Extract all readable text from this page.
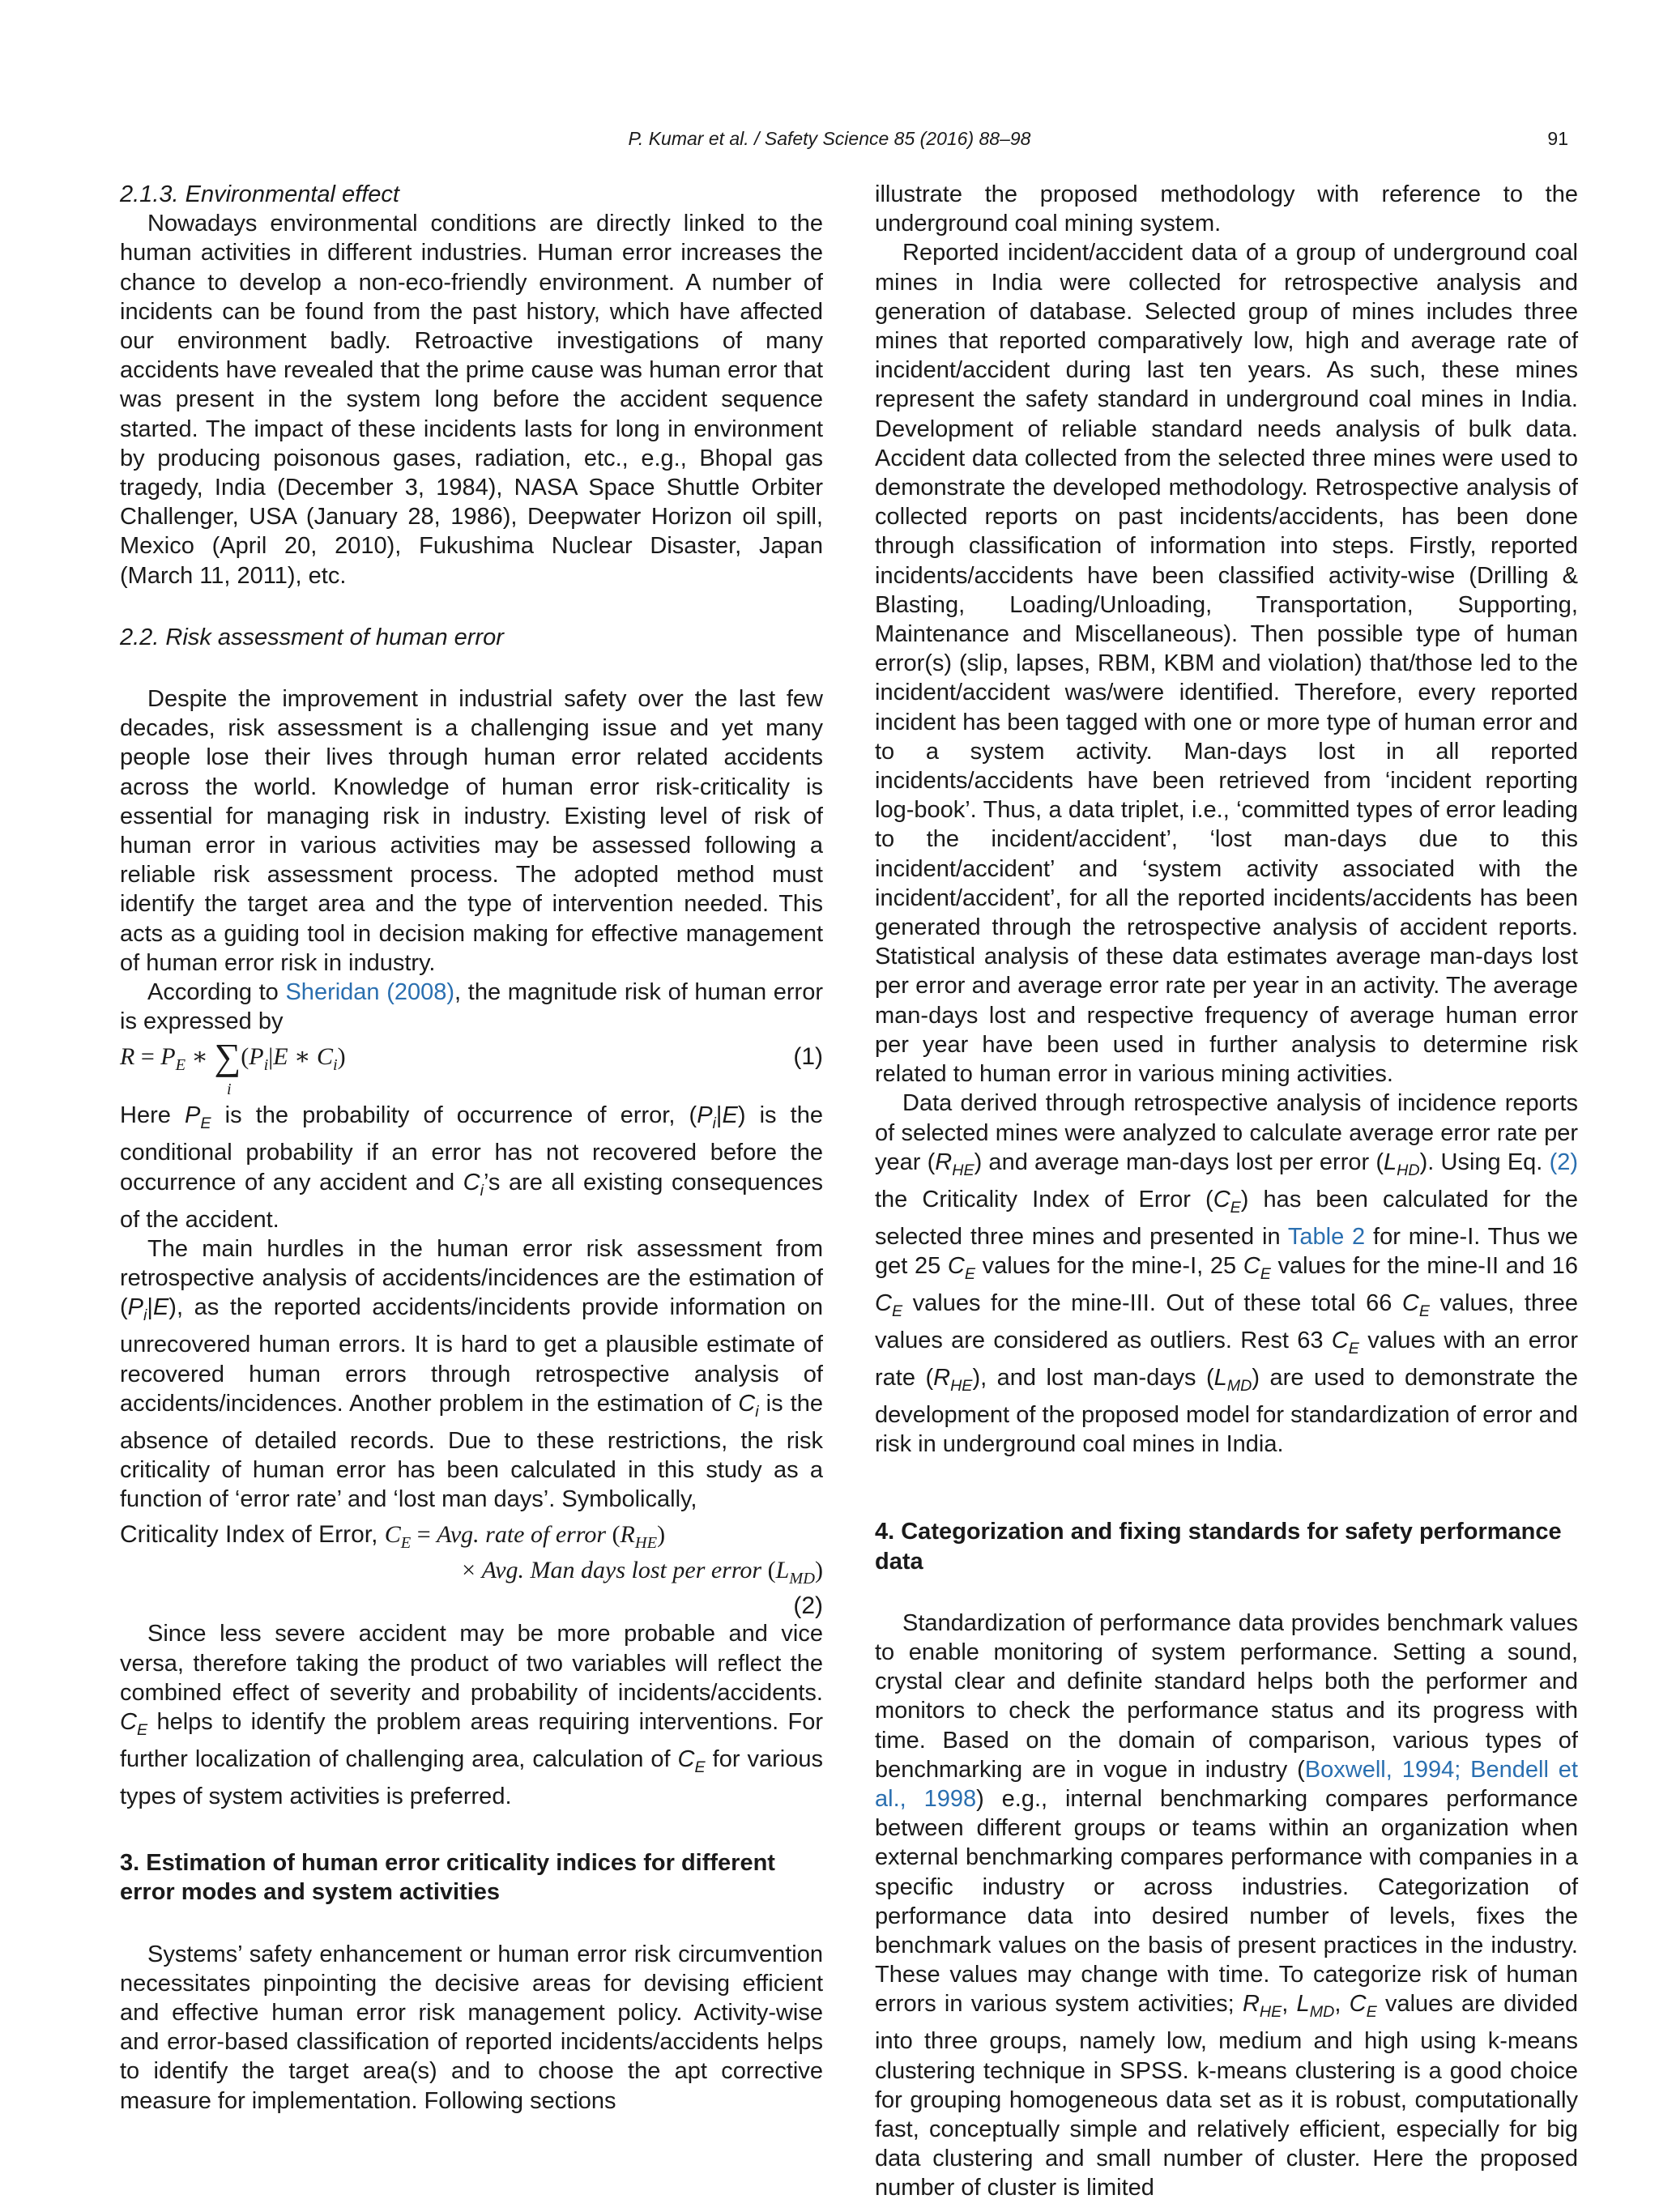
P. Kumar et al. / Safety Science 85 (2016) 88–98	91
2.1.3. Environmental effect

Nowadays environmental conditions are directly linked to the human activities in different industries. Human error increases the chance to develop a non-eco-friendly environment. A number of incidents can be found from the past history, which have affected our environment badly. Retroactive investigations of many accidents have revealed that the prime cause was human error that was present in the system long before the accident sequence started. The impact of these incidents lasts for long in environment by producing poisonous gases, radiation, etc., e.g., Bhopal gas tragedy, India (December 3, 1984), NASA Space Shuttle Orbiter Challenger, USA (January 28, 1986), Deepwater Horizon oil spill, Mexico (April 20, 2010), Fukushima Nuclear Disaster, Japan (March 11, 2011), etc.

2.2. Risk assessment of human error

Despite the improvement in industrial safety over the last few decades, risk assessment is a challenging issue and yet many people lose their lives through human error related accidents across the world. Knowledge of human error risk-criticality is essential for managing risk in industry. Existing level of risk of human error in various activities may be assessed following a reliable risk assessment process. The adopted method must identify the target area and the type of intervention needed. This acts as a guiding tool in decision making for effective management of human error risk in industry.

According to Sheridan (2008), the magnitude risk of human error is expressed by

$R = P_E$ ∗ $\sum(P_i|E$ ∗ $C_i$)
i
(1)

Here $P_E$ is the probability of occurrence of error, $(P_i|E)$ is the conditional probability if an error has not recovered before the occurrence of any accident and $C_i’s$ are all existing consequences of the accident.

The main hurdles in the human error risk assessment from retrospective analysis of accidents/incidences are the estimation of $(P_i|E)$, as the reported accidents/incidents provide information on unrecovered human errors. It is hard to get a plausible estimate of recovered human errors through retrospective analysis of accidents/incidences. Another problem in the estimation of $C_i$ is the absence of detailed records. Due to these restrictions, the risk criticality of human error has been calculated in this study as a function of ‘error rate’ and ‘lost man days’. Symbolically,

Criticality Index of Error, $C_E$ = Avg. rate of error $(R_{HE})$
× Avg. Man days lost per error $(L_{MD})$
(2)

Since less severe accident may be more probable and vice versa, therefore taking the product of two variables will reflect the combined effect of severity and probability of incidents/accidents. $C_E$ helps to identify the problem areas requiring interventions. For further localization of challenging area, calculation of $C_E$ for various types of system activities is preferred.

3. Estimation of human error criticality indices for different error modes and system activities

Systems’ safety enhancement or human error risk circumvention necessitates pinpointing the decisive areas for devising efficient and effective human error risk management policy. Activity-wise and error-based classification of reported incidents/accidents helps to identify the target area(s) and to choose the apt corrective measure for implementation. Following sections

illustrate the proposed methodology with reference to the underground coal mining system.

Reported incident/accident data of a group of underground coal mines in India were collected for retrospective analysis and generation of database. Selected group of mines includes three mines that reported comparatively low, high and average rate of incident/accident during last ten years. As such, these mines represent the safety standard in underground coal mines in India. Development of reliable standard needs analysis of bulk data. Accident data collected from the selected three mines were used to demonstrate the developed methodology. Retrospective analysis of collected reports on past incidents/accidents, has been done through classification of information into steps. Firstly, reported incidents/accidents have been classified activity-wise (Drilling & Blasting, Loading/Unloading, Transportation, Supporting, Maintenance and Miscellaneous). Then possible type of human error(s) (slip, lapses, RBM, KBM and violation) that/those led to the incident/accident was/were identified. Therefore, every reported incident has been tagged with one or more type of human error and to a system activity. Man-days lost in all reported incidents/accidents have been retrieved from ‘incident reporting log-book’. Thus, a data triplet, i.e., ‘committed types of error leading to the incident/accident’, ‘lost man-days due to this incident/accident’ and ‘system activity associated with the incident/accident’, for all the reported incidents/accidents has been generated through the retrospective analysis of accident reports. Statistical analysis of these data estimates average man-days lost per error and average error rate per year in an activity. The average man-days lost and respective frequency of average human error per year have been used in further analysis to determine risk related to human error in various mining activities.

Data derived through retrospective analysis of incidence reports of selected mines were analyzed to calculate average error rate per year $(R_{HE})$ and average man-days lost per error $(L_{HD})$. Using Eq. (2) the Criticality Index of Error $(C_E)$ has been calculated for the selected three mines and presented in Table 2 for mine-I. Thus we get 25 $C_E$ values for the mine-I, 25 $C_E$ values for the mine-II and 16 $C_E$ values for the mine-III. Out of these total 66 $C_E$ values, three values are considered as outliers. Rest 63 $C_E$ values with an error rate $(R_{HE})$, and lost man-days $(L_{MD})$ are used to demonstrate the development of the proposed model for standardization of error and risk in underground coal mines in India.

4. Categorization and fixing standards for safety performance data

Standardization of performance data provides benchmark values to enable monitoring of system performance. Setting a sound, crystal clear and definite standard helps both the performer and monitors to check the performance status and its progress with time. Based on the domain of comparison, various types of benchmarking are in vogue in industry (Boxwell, 1994; Bendell et al., 1998) e.g., internal benchmarking compares performance between different groups or teams within an organization when external benchmarking compares performance with companies in a specific industry or across industries. Categorization of performance data into desired number of levels, fixes the benchmark values on the basis of present practices in the industry. These values may change with time. To categorize risk of human errors in various system activities; $R_{HE}$, $L_{MD}$, $C_E$ values are divided into three groups, namely low, medium and high using k-means clustering technique in SPSS. k-means clustering is a good choice for grouping homogeneous data set as it is robust, computationally fast, conceptually simple and relatively efficient, especially for big data clustering and small number of cluster. Here the proposed number of cluster is limited
